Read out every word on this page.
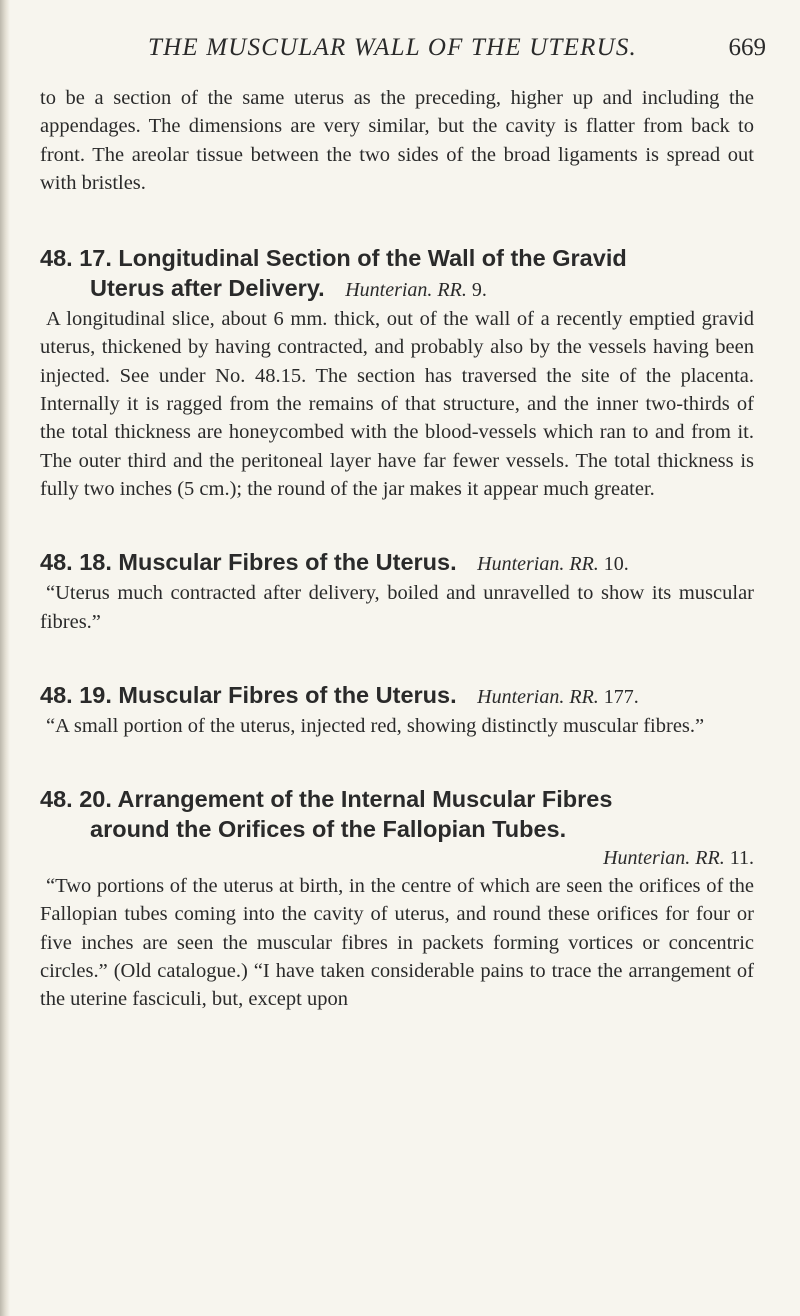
THE MUSCULAR WALL OF THE UTERUS.	669

to be a section of the same uterus as the preceding, higher up and including the appendages. The dimensions are very similar, but the cavity is flatter from back to front. The areolar tissue between the two sides of the broad ligaments is spread out with bristles.

48. 17. Longitudinal Section of the Wall of the Gravid
Uterus after Delivery. Hunterian. RR. 9.

A longitudinal slice, about 6 mm. thick, out of the wall of a recently emptied gravid uterus, thickened by having contracted, and probably also by the vessels having been injected. See under No. 48.15. The section has traversed the site of the placenta. Internally it is ragged from the remains of that structure, and the inner two-thirds of the total thickness are honeycombed with the blood-vessels which ran to and from it. The outer third and the peritoneal layer have far fewer vessels. The total thickness is fully two inches (5 cm.); the round of the jar makes it appear much greater.

48. 18. Muscular Fibres of the Uterus. Hunterian. RR. 10.

“Uterus much contracted after delivery, boiled and unravelled to show its muscular fibres.”

48. 19. Muscular Fibres of the Uterus. Hunterian. RR. 177.

“A small portion of the uterus, injected red, showing distinctly muscular fibres.”

48. 20. Arrangement of the Internal Muscular Fibres
around the Orifices of the Fallopian Tubes.

Hunterian. RR. 11.

“Two portions of the uterus at birth, in the centre of which are seen the orifices of the Fallopian tubes coming into the cavity of uterus, and round these orifices for four or five inches are seen the muscular fibres in packets forming vortices or concentric circles.” (Old catalogue.) “I have taken considerable pains to trace the arrangement of the uterine fasciculi, but, except upon
